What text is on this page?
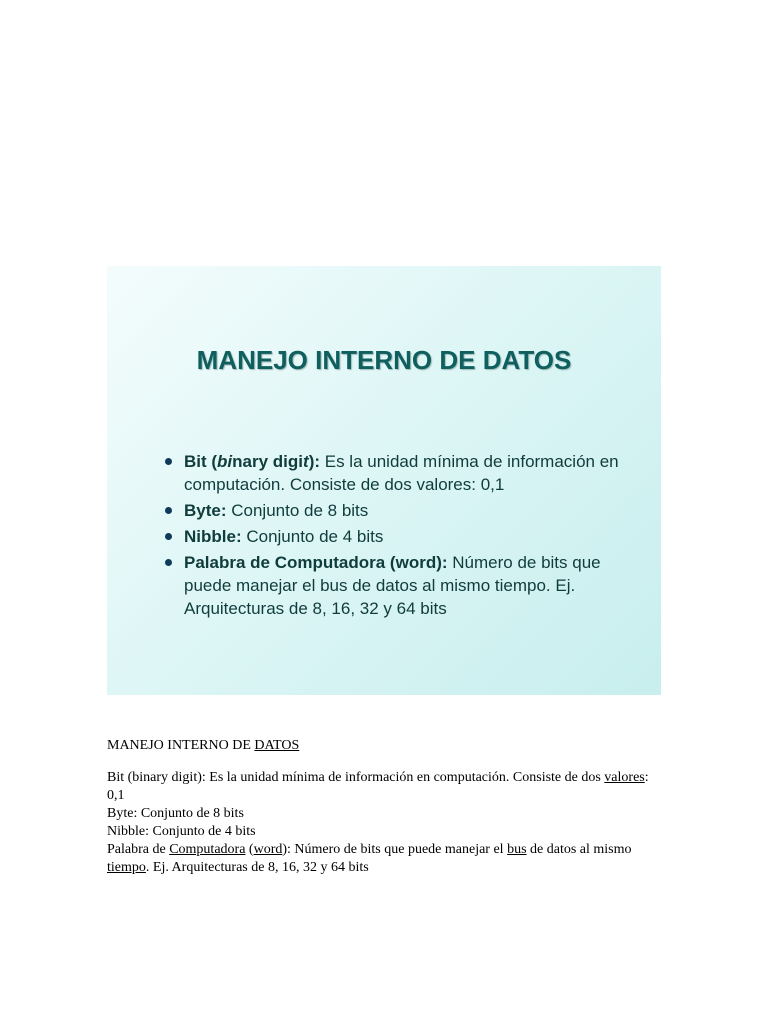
MANEJO INTERNO DE DATOS
Bit (binary digit): Es la unidad mínima de información en computación. Consiste de dos valores: 0,1
Byte: Conjunto de 8 bits
Nibble: Conjunto de 4 bits
Palabra de Computadora (word): Número de bits que puede manejar el bus de datos al mismo tiempo. Ej. Arquitecturas de 8, 16, 32 y 64 bits
MANEJO INTERNO DE DATOS

Bit (binary digit): Es la unidad mínima de información en computación. Consiste de dos valores: 0,1

Byte: Conjunto de 8 bits

Nibble: Conjunto de 4 bits

Palabra de Computadora (word): Número de bits que puede manejar el bus de datos al mismo tiempo. Ej. Arquitecturas de 8, 16, 32 y 64 bits
